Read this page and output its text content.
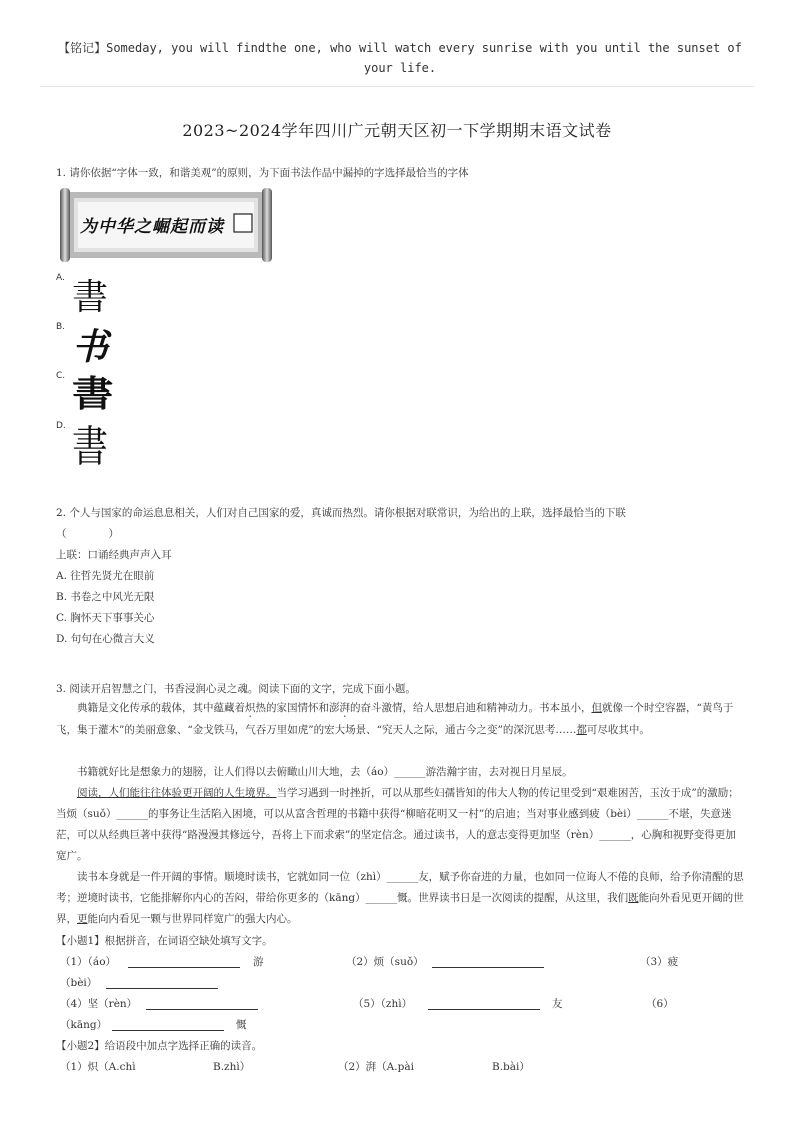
【铭记】Someday, you will findthe one, who will watch every sunrise with you until the sunset of your life.
2023~2024学年四川广元朝天区初一下学期期末语文试卷
1. 请你依据“字体一致，和谐美观”的原则，为下面书法作品中漏掉的字选择最恰当的字体
为中华之崛起而读
A. 書
B. 书
C. 書
D. 書
2. 个人与国家的命运息息相关，人们对自己国家的爱，真诚而热烈。请你根据对联常识，为给出的上联，选择最恰当的下联
（　　　　）
上联：口诵经典声声入耳
A. 往哲先贤尤在眼前
B. 书卷之中风光无限
C. 胸怀天下事事关心
D. 句句在心微言大义
3. 阅读开启智慧之门，书香浸润心灵之魂。阅读下面的文字，完成下面小题。
典籍是文化传承的载体，其中蕴藏着炽热的家国情怀和澎湃的奋斗激情，给人思想启迪和精神动力。书本虽小，但就像一个时空容器，“黄鸟于飞，集于灌木”的美丽意象、“金戈铁马，气吞万里如虎”的宏大场景、“究天人之际，通古今之变”的深沉思考……都可尽收其中。
书籍就好比是想象力的翅膀，让人们得以去俯瞰山川大地，去（áo）______游浩瀚宇宙，去对视日月星辰。
阅读，人们能往往体验更开阔的人生境界。当学习遇到一时挫折，可以从那些妇孺皆知的伟大人物的传记里受到“艰难困苦，玉汝于成”的激励；当烦（suǒ）______的事务让生活陷入困境，可以从富含哲理的书籍中获得“柳暗花明又一村”的启迪；当对事业感到疲（bèi）______不堪，失意迷茫，可以从经典巨著中获得“路漫漫其修远兮，吾将上下而求索”的坚定信念。通过读书，人的意志变得更加坚（rèn）______，心胸和视野变得更加宽广。
读书本身就是一件开阔的事情。顺境时读书，它就如同一位（zhì）______友，赋予你奋进的力量，也如同一位诲人不倦的良师，给予你清醒的思考；逆境时读书，它能排解你内心的苦闷，带给你更多的（kāng）______慨。世界读书日是一次阅读的提醒，从这里，我们既能向外看见更开阔的世界，更能向内看见一颗与世界同样宽广的强大内心。
【小题1】根据拼音，在词语空缺处填写文字。
（1）（áo）	游	（2）烦（suǒ）	（3）疲
（bèi）
（4）坚（rèn）	（5）（zhì）	友	（6）
（kāng）	慨
【小题2】给语段中加点字选择正确的读音。
（1）炽（A.chì	B.zhì）	（2）湃（A.pài	B.bài）
